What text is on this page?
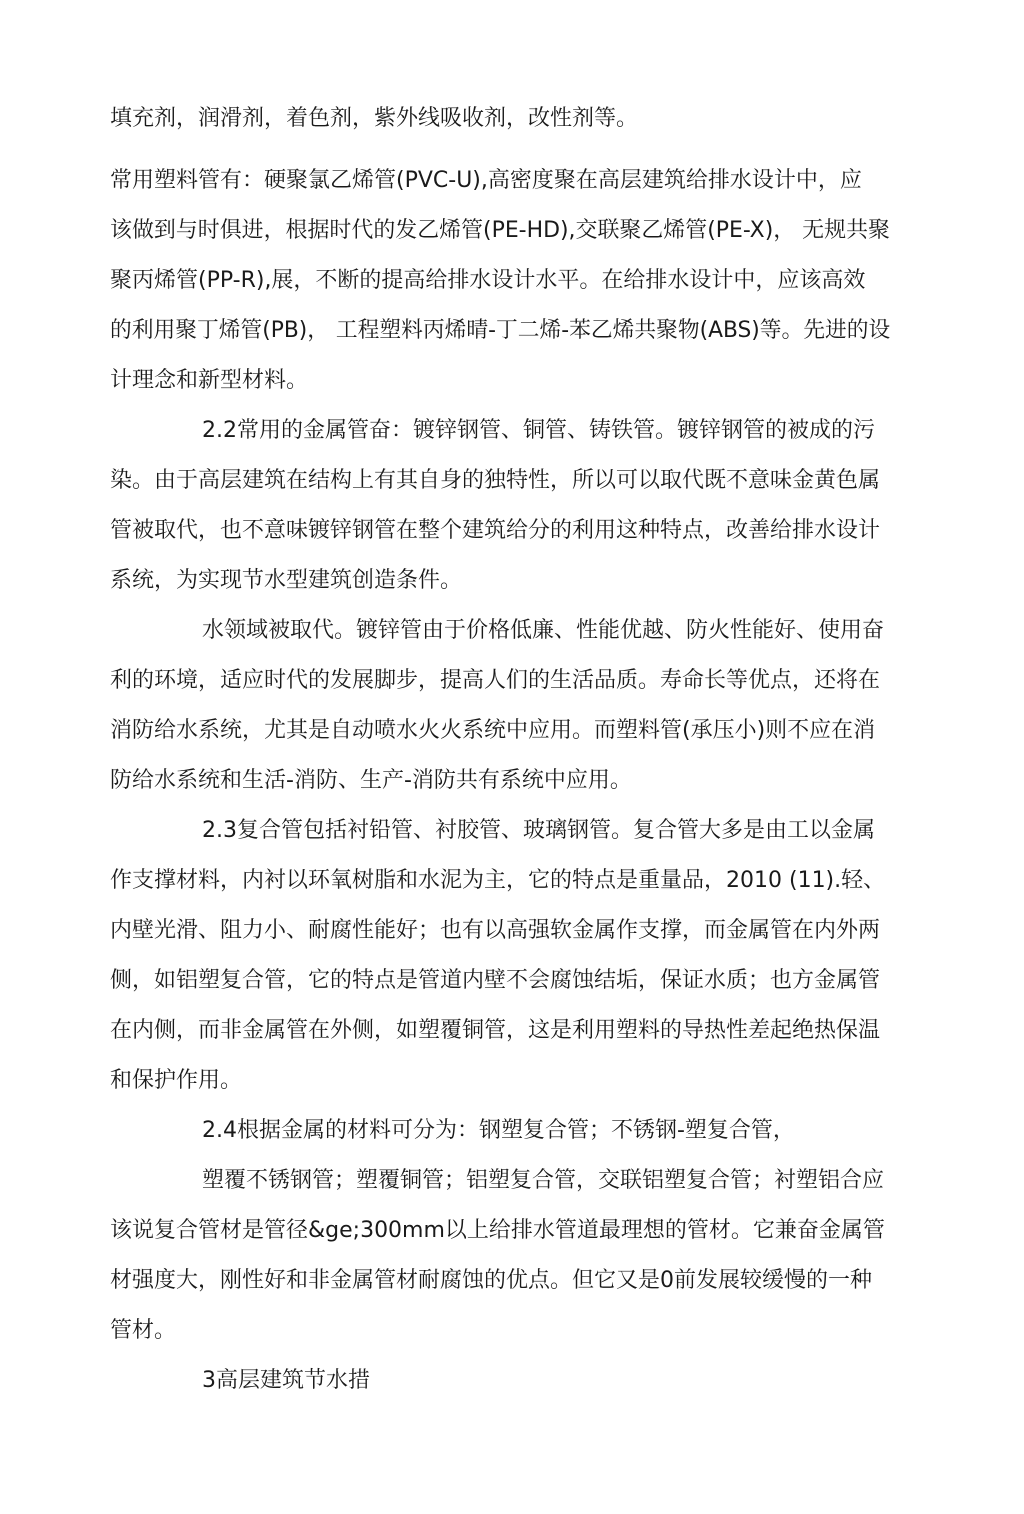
填充剂，润滑剂，着色剂，紫外线吸收剂，改性剂等。
常用塑料管有：硬聚氯乙烯管(PVC-U),高密度聚在高层建筑给排水设计中，应
该做到与时俱进，根据时代的发乙烯管(PE-HD),交联聚乙烯管(PE-X)， 无规共聚
聚丙烯管(PP-R),展，不断的提高给排水设计水平。在给排水设计中，应该高效
的利用聚丁烯管(PB)， 工程塑料丙烯晴-丁二烯-苯乙烯共聚物(ABS)等。先进的设
计理念和新型材料。
2.2常用的金属管奋：镀锌钢管、铜管、铸铁管。镀锌钢管的被成的污
染。由于高层建筑在结构上有其自身的独特性，所以可以取代既不意味金黄色属
管被取代，也不意味镀锌钢管在整个建筑给分的利用这种特点，改善给排水设计
系统，为实现节水型建筑创造条件。
水领域被取代。镀锌管由于价格低廉、性能优越、防火性能好、使用奋
利的环境，适应时代的发展脚步，提高人们的生活品质。寿命长等优点，还将在
消防给水系统，尤其是自动喷水火火系统中应用。而塑料管(承压小)则不应在消
防给水系统和生活-消防、生产-消防共有系统中应用。
2.3复合管包括衬铅管、衬胶管、玻璃钢管。复合管大多是由工以金属
作支撑材料，内衬以环氧树脂和水泥为主，它的特点是重量品，2010 (11).轻、
内壁光滑、阻力小、耐腐性能好；也有以高强软金属作支撑，而金属管在内外两
侧，如铝塑复合管，它的特点是管道内壁不会腐蚀结垢，保证水质；也方金属管
在内侧，而非金属管在外侧，如塑覆铜管，这是利用塑料的导热性差起绝热保温
和保护作用。
2.4根据金属的材料可分为：钢塑复合管；不锈钢-塑复合管，
塑覆不锈钢管；塑覆铜管；铝塑复合管，交联铝塑复合管；衬塑铝合应
该说复合管材是管径&ge;300mm以上给排水管道最理想的管材。它兼奋金属管
材强度大，刚性好和非金属管材耐腐蚀的优点。但它又是0前发展较缓慢的一种
管材。
3高层建筑节水措
